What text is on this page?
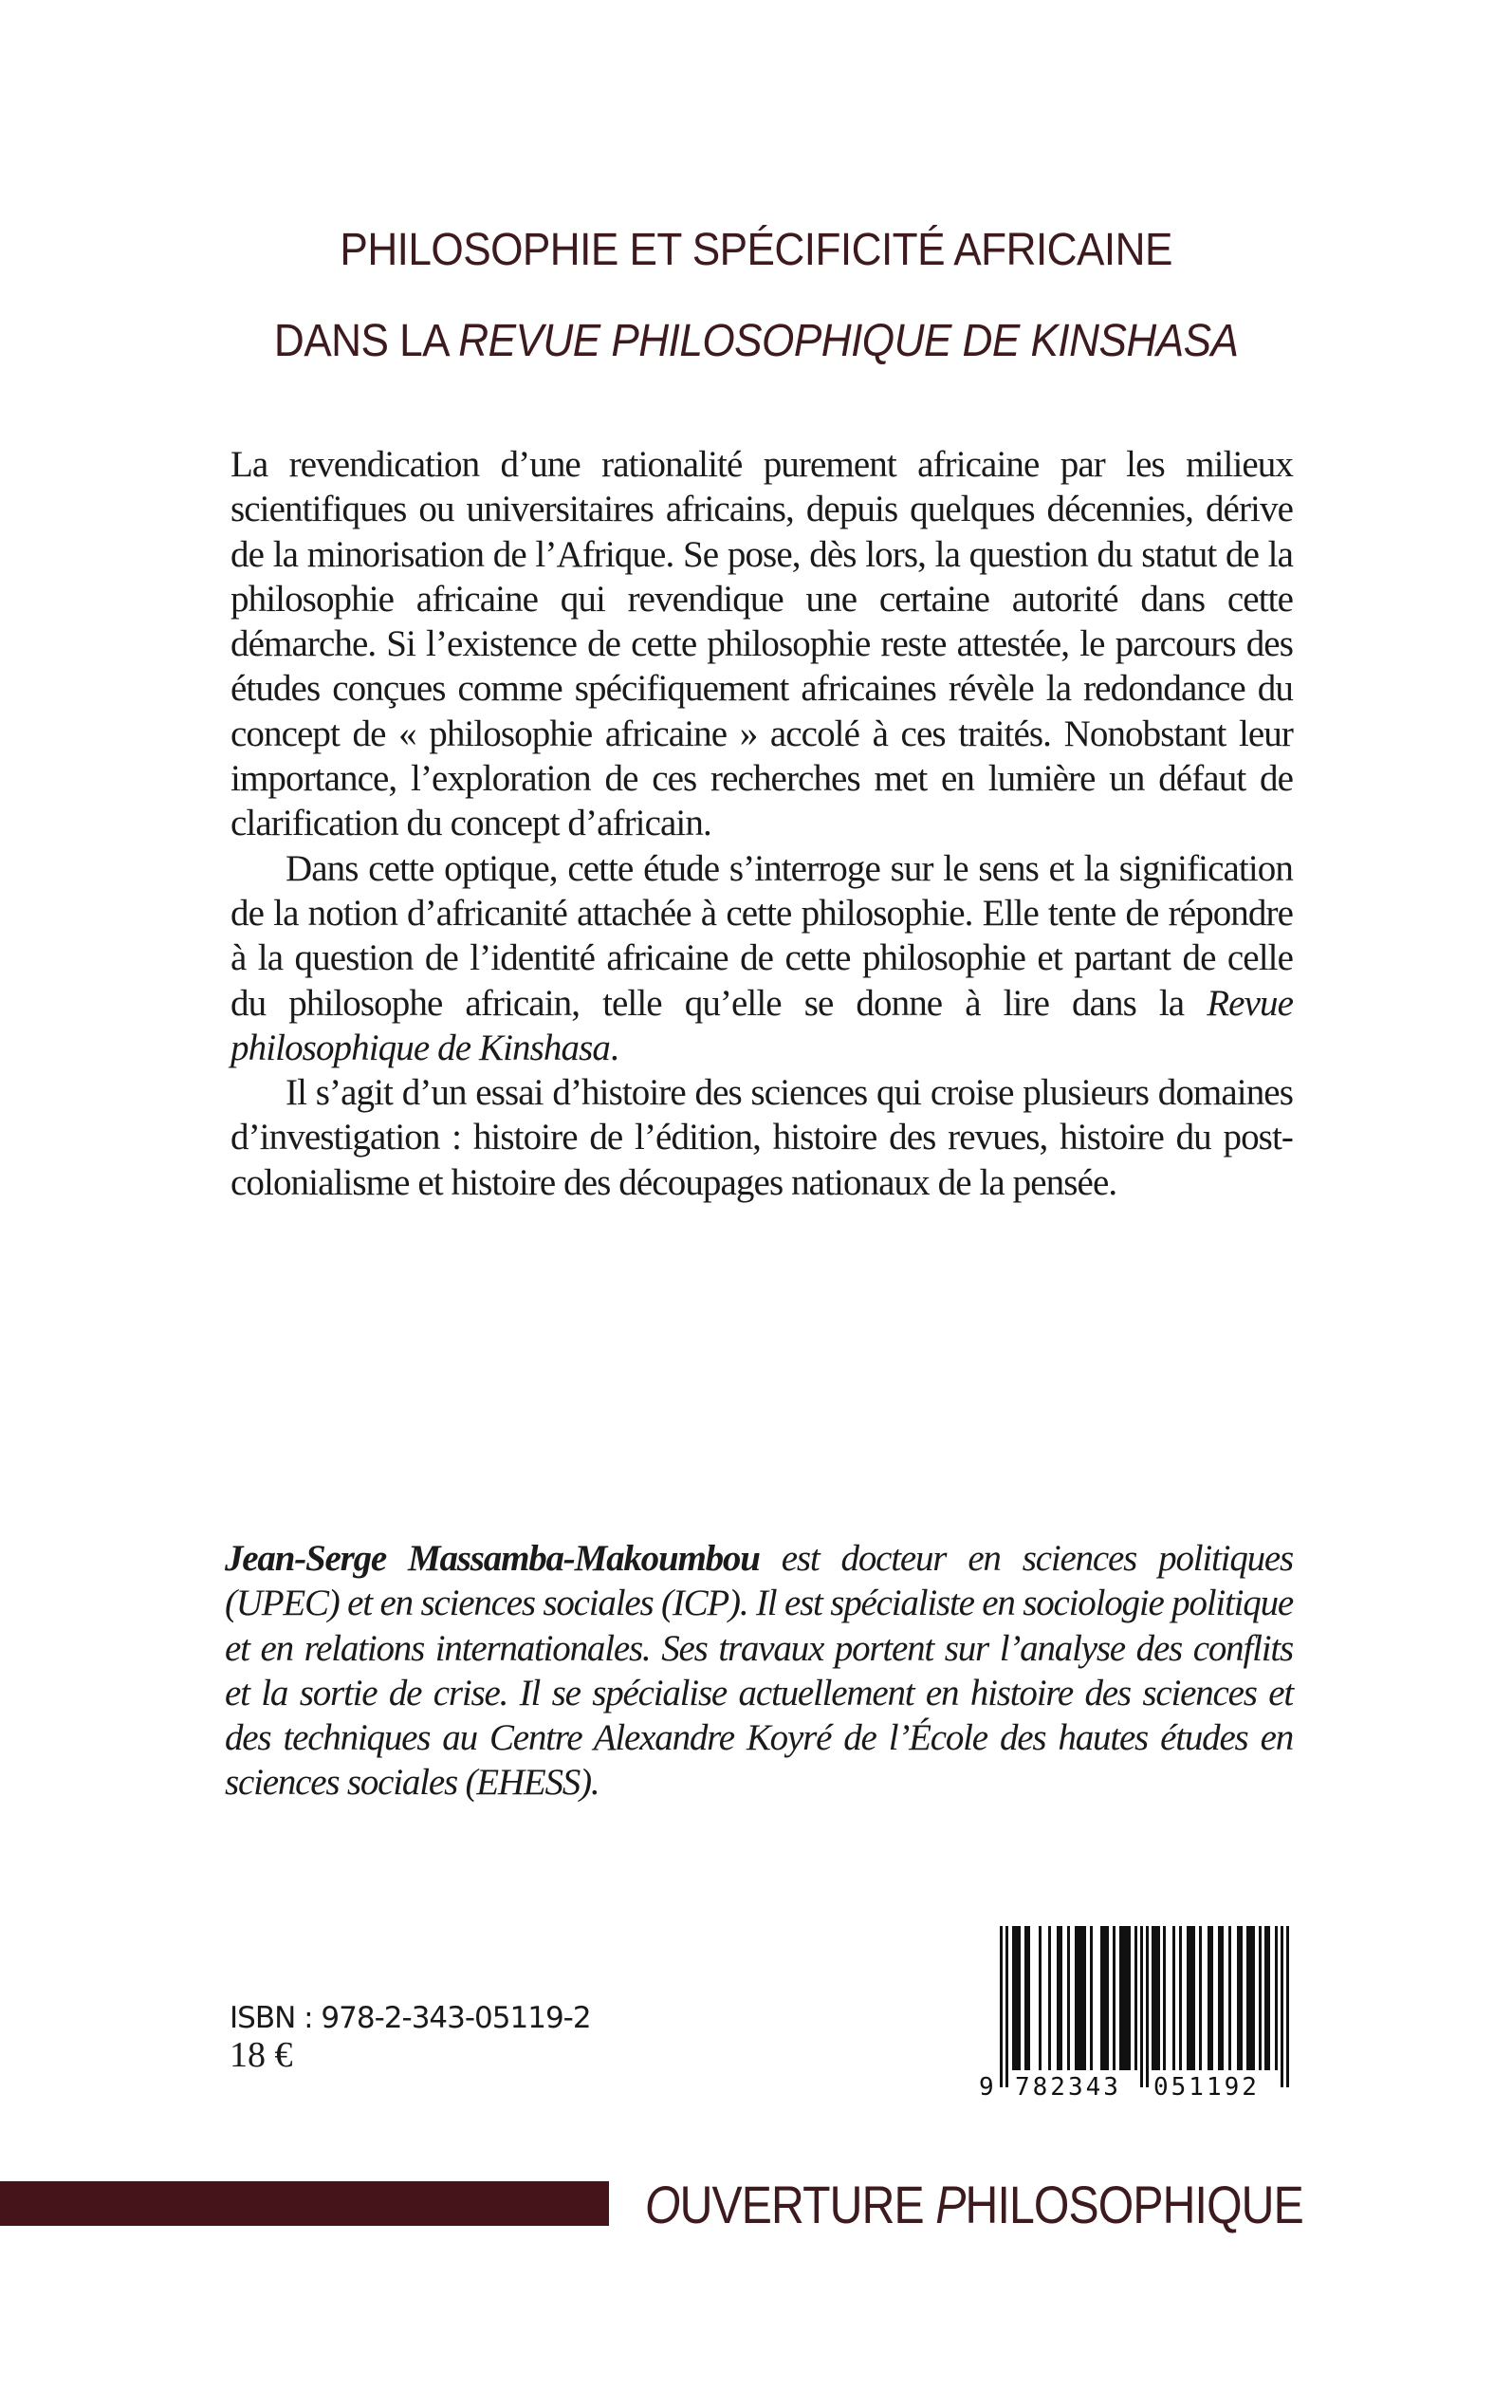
PHILOSOPHIE ET SPÉCIFICITÉ AFRICAINE
DANS LA REVUE PHILOSOPHIQUE DE KINSHASA

La revendication d’une rationalité purement africaine par les milieux scientifiques ou universitaires africains, depuis quelques décennies, dérive de la minorisation de l’Afrique. Se pose, dès lors, la question du statut de la philosophie africaine qui revendique une certaine autorité dans cette démarche. Si l’existence de cette philosophie reste attestée, le parcours des études conçues comme spécifiquement africaines révèle la redondance du concept de « philosophie africaine » accolé à ces traités. Nonobstant leur importance, l’exploration de ces recherches met en lumière un défaut de clarification du concept d’africain.

Dans cette optique, cette étude s’interroge sur le sens et la signification de la notion d’africanité attachée à cette philosophie. Elle tente de répondre à la question de l’identité africaine de cette philosophie et partant de celle du philosophe africain, telle qu’elle se donne à lire dans la Revue philosophique de Kinshasa.

Il s’agit d’un essai d’histoire des sciences qui croise plusieurs domaines d’investigation : histoire de l’édition, histoire des revues, histoire du post-colonialisme et histoire des découpages nationaux de la pensée.

Jean-Serge Massamba-Makoumbou est docteur en sciences politiques (UPEC) et en sciences sociales (ICP). Il est spécialiste en sociologie politique et en relations internationales. Ses travaux portent sur l’analyse des conflits et la sortie de crise. Il se spécialise actuellement en histoire des sciences et des techniques au Centre Alexandre Koyré de l’École des hautes études en sciences sociales (EHESS).

ISBN : 978-2-343-05119-2
18 €
9 782343 051192
OUVERTURE PHILOSOPHIQUE
